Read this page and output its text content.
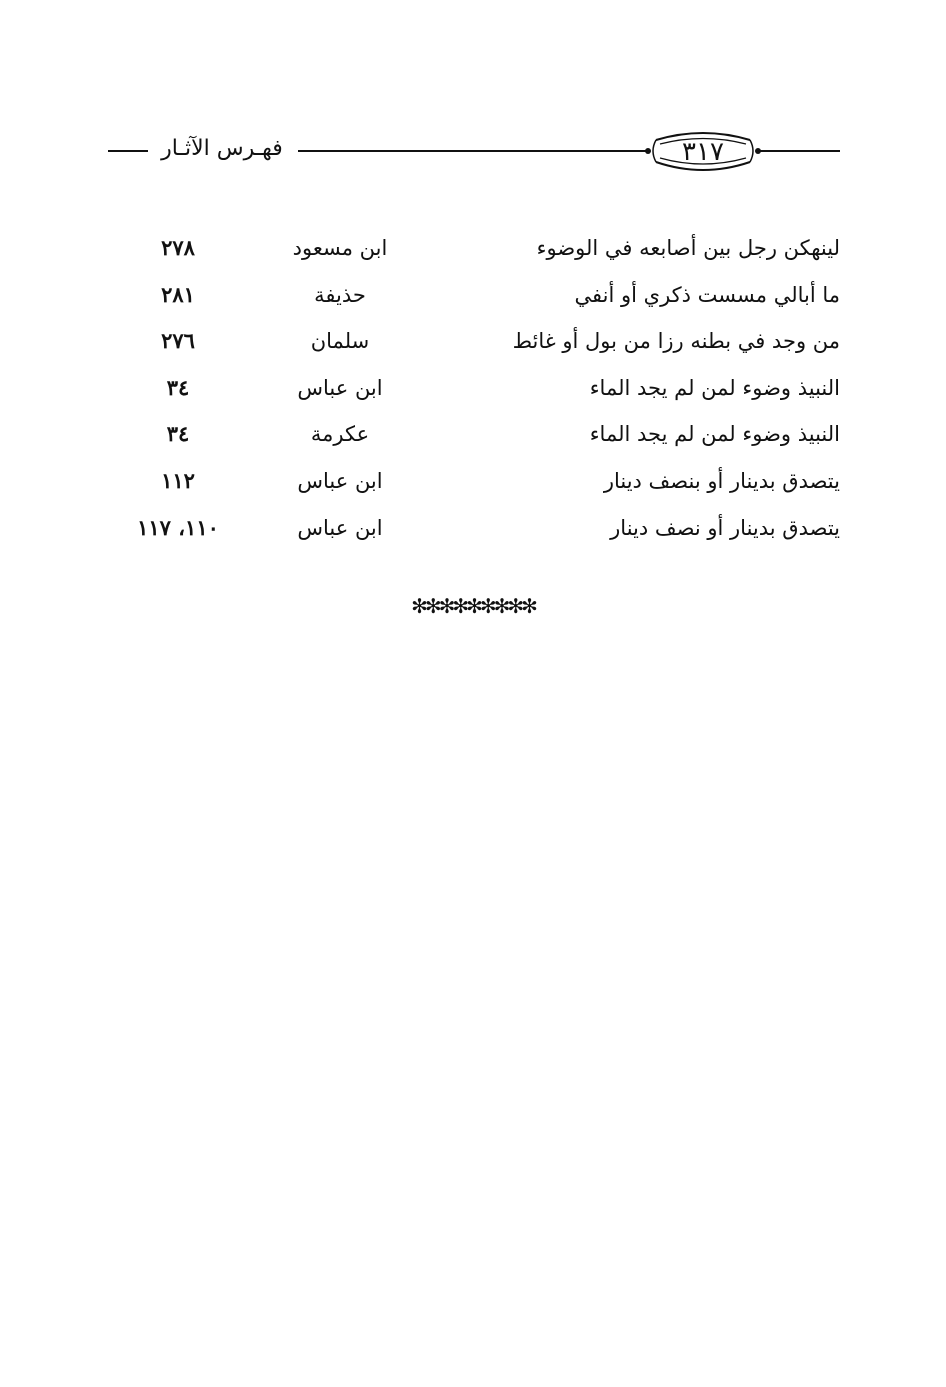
٣١٧
فهـرس الآثـار
لينهكن رجل بين أصابعه في الوضوء
ابن مسعود
٢٧٨
ما أبالي مسست ذكري أو أنفي
حذيفة
٢٨١
من وجد في بطنه رزا من بول أو غائط
سلمان
٢٧٦
النبيذ وضوء لمن لم يجد الماء
ابن عباس
٣٤
النبيذ وضوء لمن لم يجد الماء
عكرمة
٣٤
يتصدق بدينار أو بنصف دينار
ابن عباس
١١٢
يتصدق بدينار أو نصف دينار
ابن عباس
١١٠، ١١٧
✻✻✻✻✻✻✻✻✻
